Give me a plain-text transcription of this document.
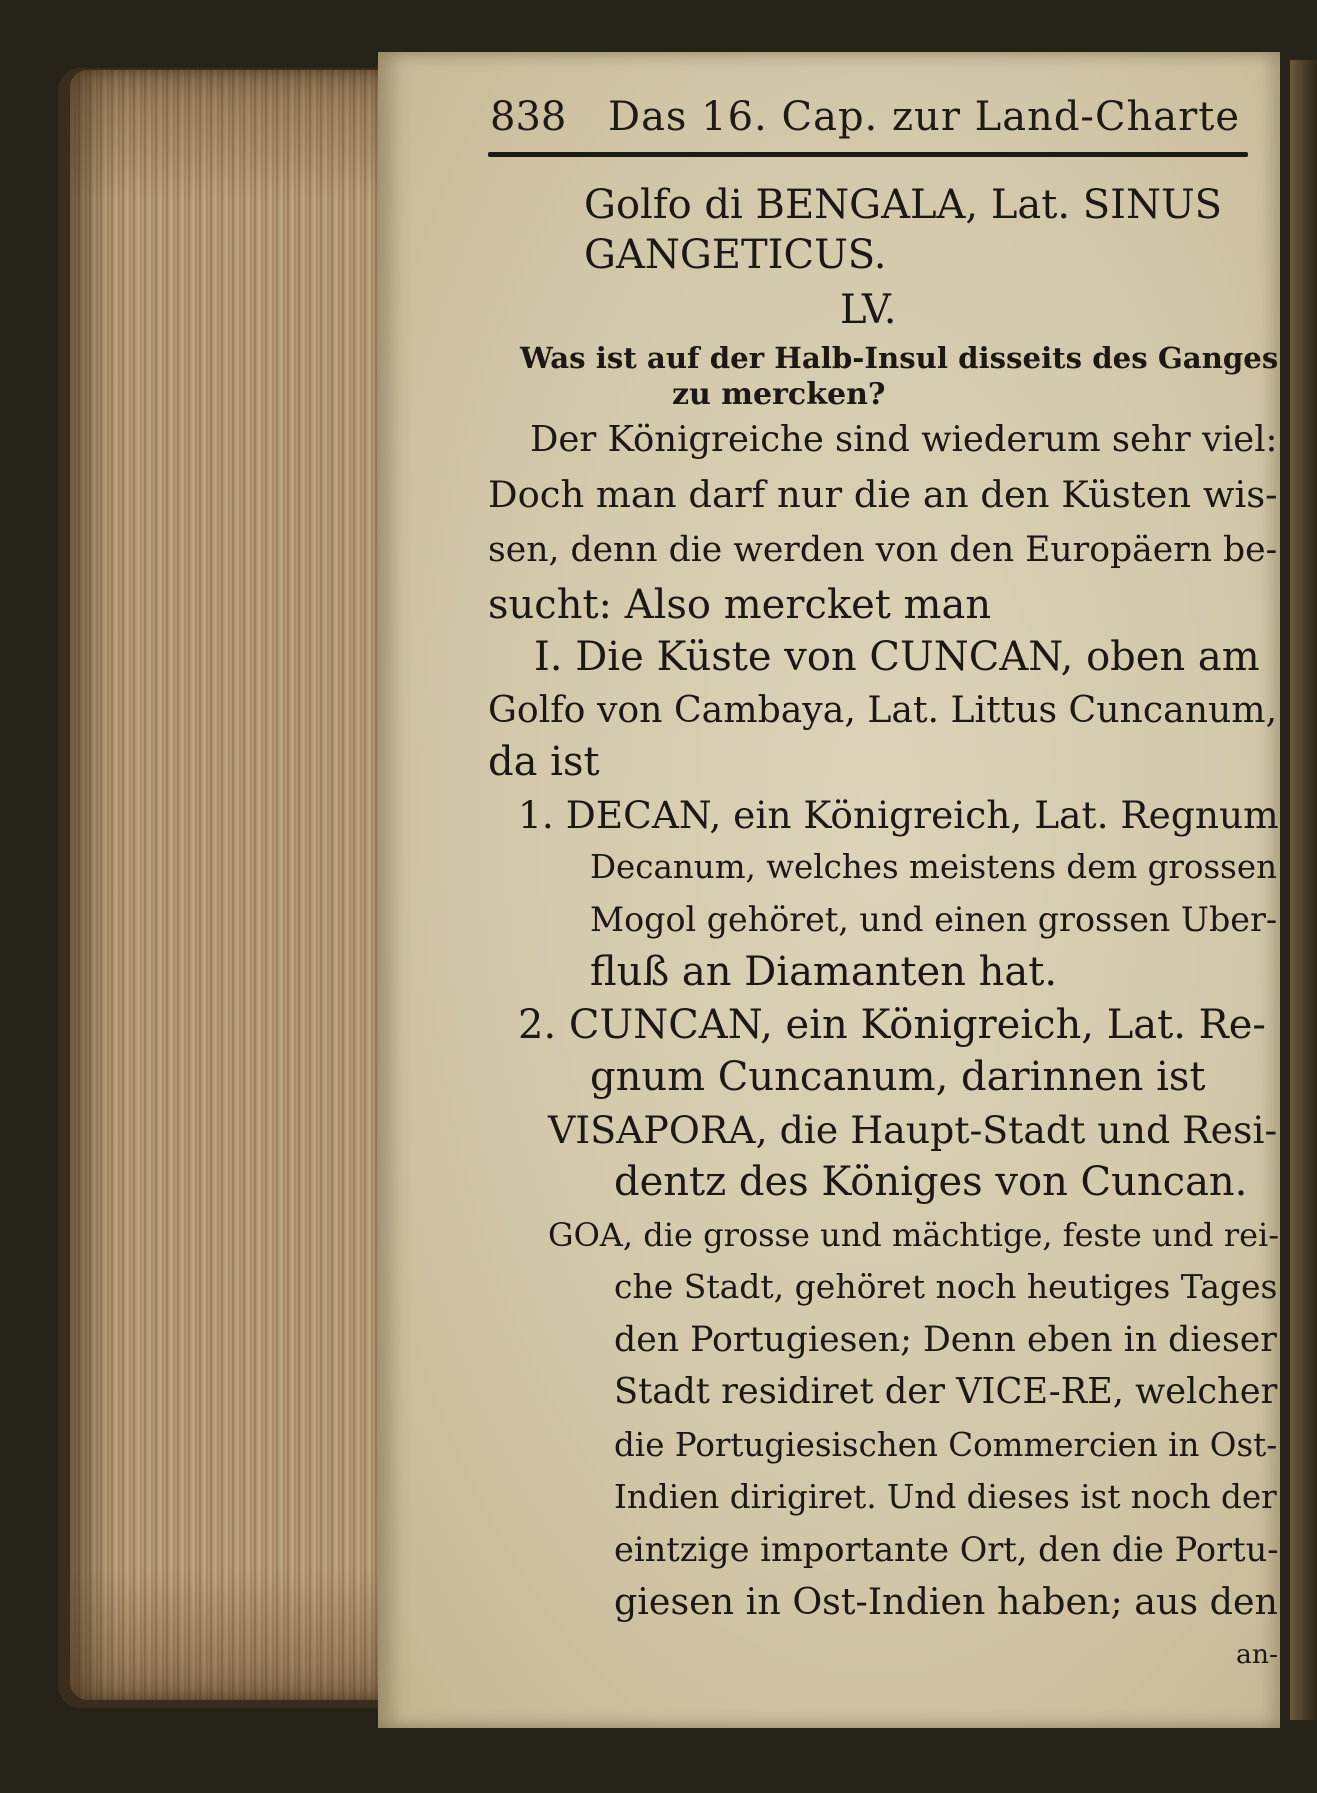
838 Das 16. Cap. zur Land-Charte
Golfo di BENGALA, Lat. SINUS
GANGETICUS.
LV.
Was ist auf der Halb-Insul disseits des Ganges
zu mercken?
Der Königreiche sind wiederum sehr viel:
Doch man darf nur die an den Küsten wis-
sen, denn die werden von den Europäern be-
sucht: Also mercket man
I. Die Küste von CUNCAN, oben am
Golfo von Cambaya, Lat. Littus Cuncanum,
da ist
1. DECAN, ein Königreich, Lat. Regnum
Decanum, welches meistens dem grossen
Mogol gehöret, und einen grossen Uber-
fluß an Diamanten hat.
2. CUNCAN, ein Königreich, Lat. Re-
gnum Cuncanum, darinnen ist
VISAPORA, die Haupt-Stadt und Resi-
dentz des Königes von Cuncan.
GOA, die grosse und mächtige, feste und rei-
che Stadt, gehöret noch heutiges Tages
den Portugiesen; Denn eben in dieser
Stadt residiret der VICE-RE, welcher
die Portugiesischen Commercien in Ost-
Indien dirigiret. Und dieses ist noch der
eintzige importante Ort, den die Portu-
giesen in Ost-Indien haben; aus den
an-
